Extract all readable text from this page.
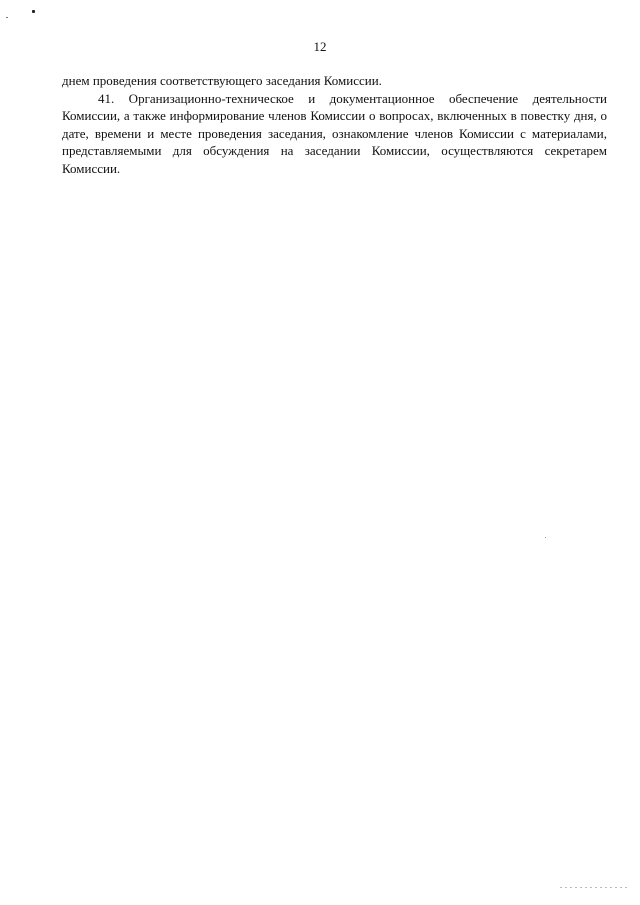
12

днем проведения соответствующего заседания Комиссии.

41. Организационно-техническое и документационное обеспечение деятельности Комиссии, а также информирование членов Комиссии о вопросах, включенных в повестку дня, о дате, времени и месте проведения заседания, ознакомление членов Комиссии с материалами, представляемыми для обсуждения на заседании Комиссии, осуществляются секретарем Комиссии.
